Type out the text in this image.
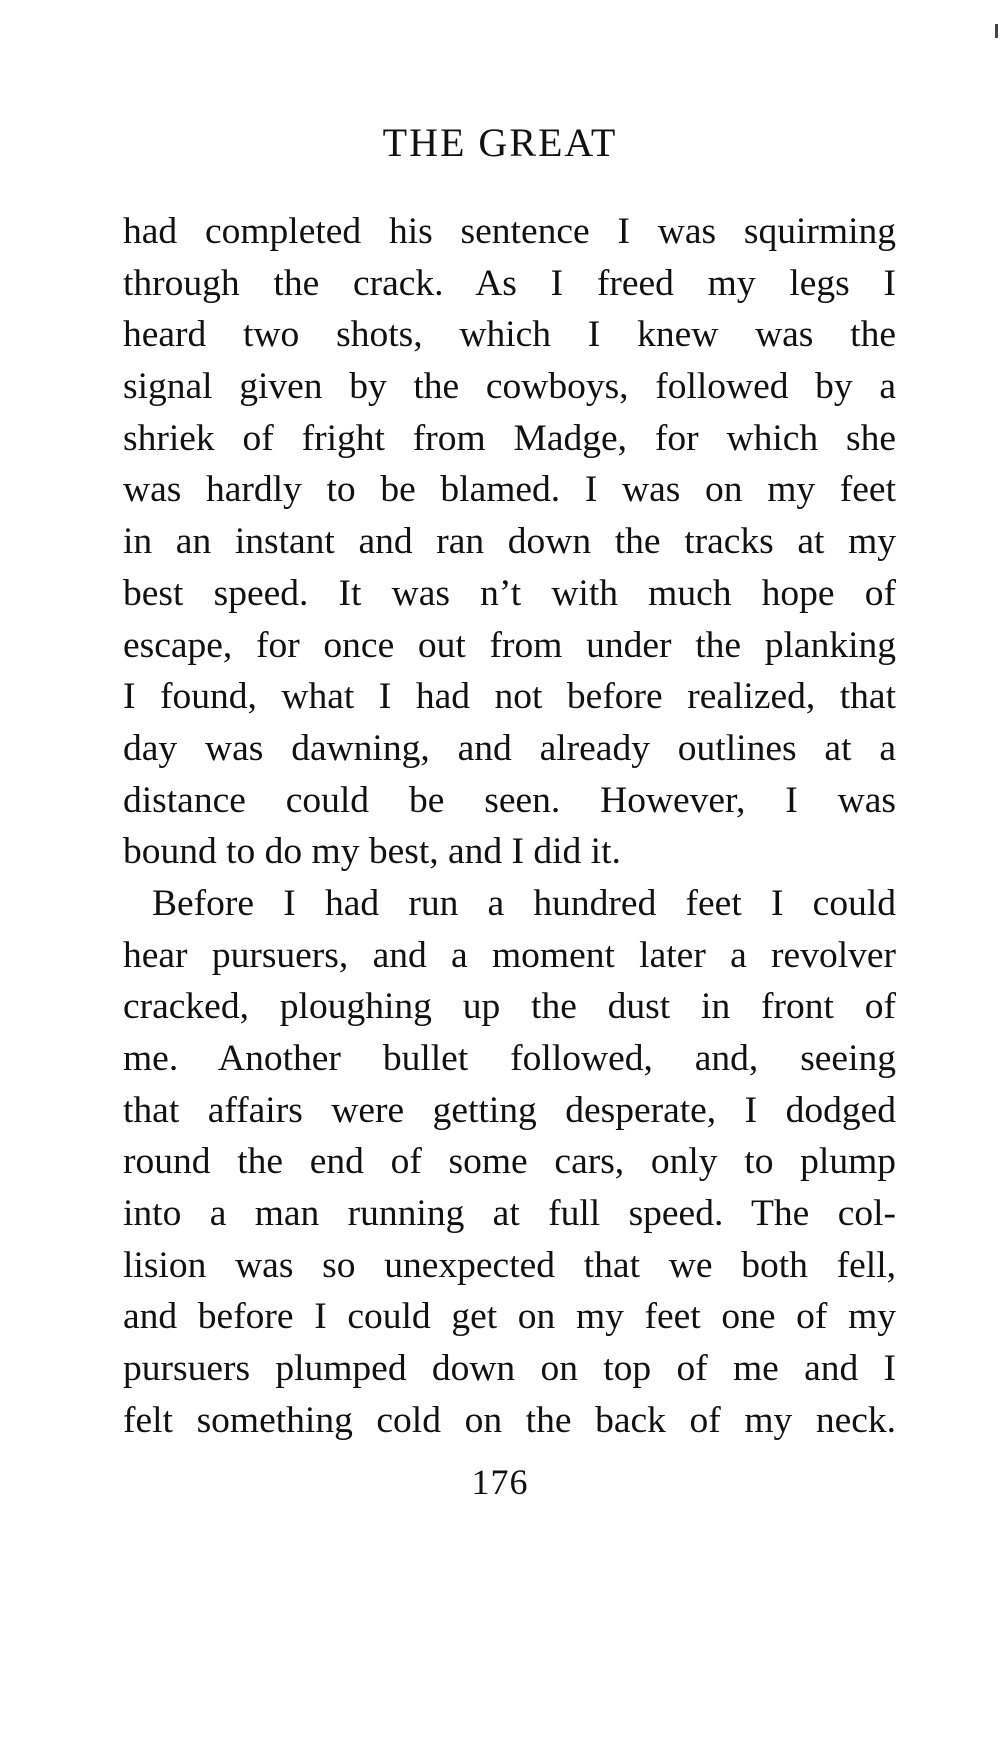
THE GREAT
had completed his sentence I was squirming
through the crack. As I freed my legs I
heard two shots, which I knew was the
signal given by the cowboys, followed by a
shriek of fright from Madge, for which she
was hardly to be blamed. I was on my feet
in an instant and ran down the tracks at my
best speed. It was n’t with much hope of
escape, for once out from under the planking
I found, what I had not before realized, that
day was dawning, and already outlines at a
distance could be seen. However, I was
bound to do my best, and I did it.
Before I had run a hundred feet I could
hear pursuers, and a moment later a revolver
cracked, ploughing up the dust in front of
me. Another bullet followed, and, seeing
that affairs were getting desperate, I dodged
round the end of some cars, only to plump
into a man running at full speed. The col-
lision was so unexpected that we both fell,
and before I could get on my feet one of my
pursuers plumped down on top of me and I
felt something cold on the back of my neck.
176
